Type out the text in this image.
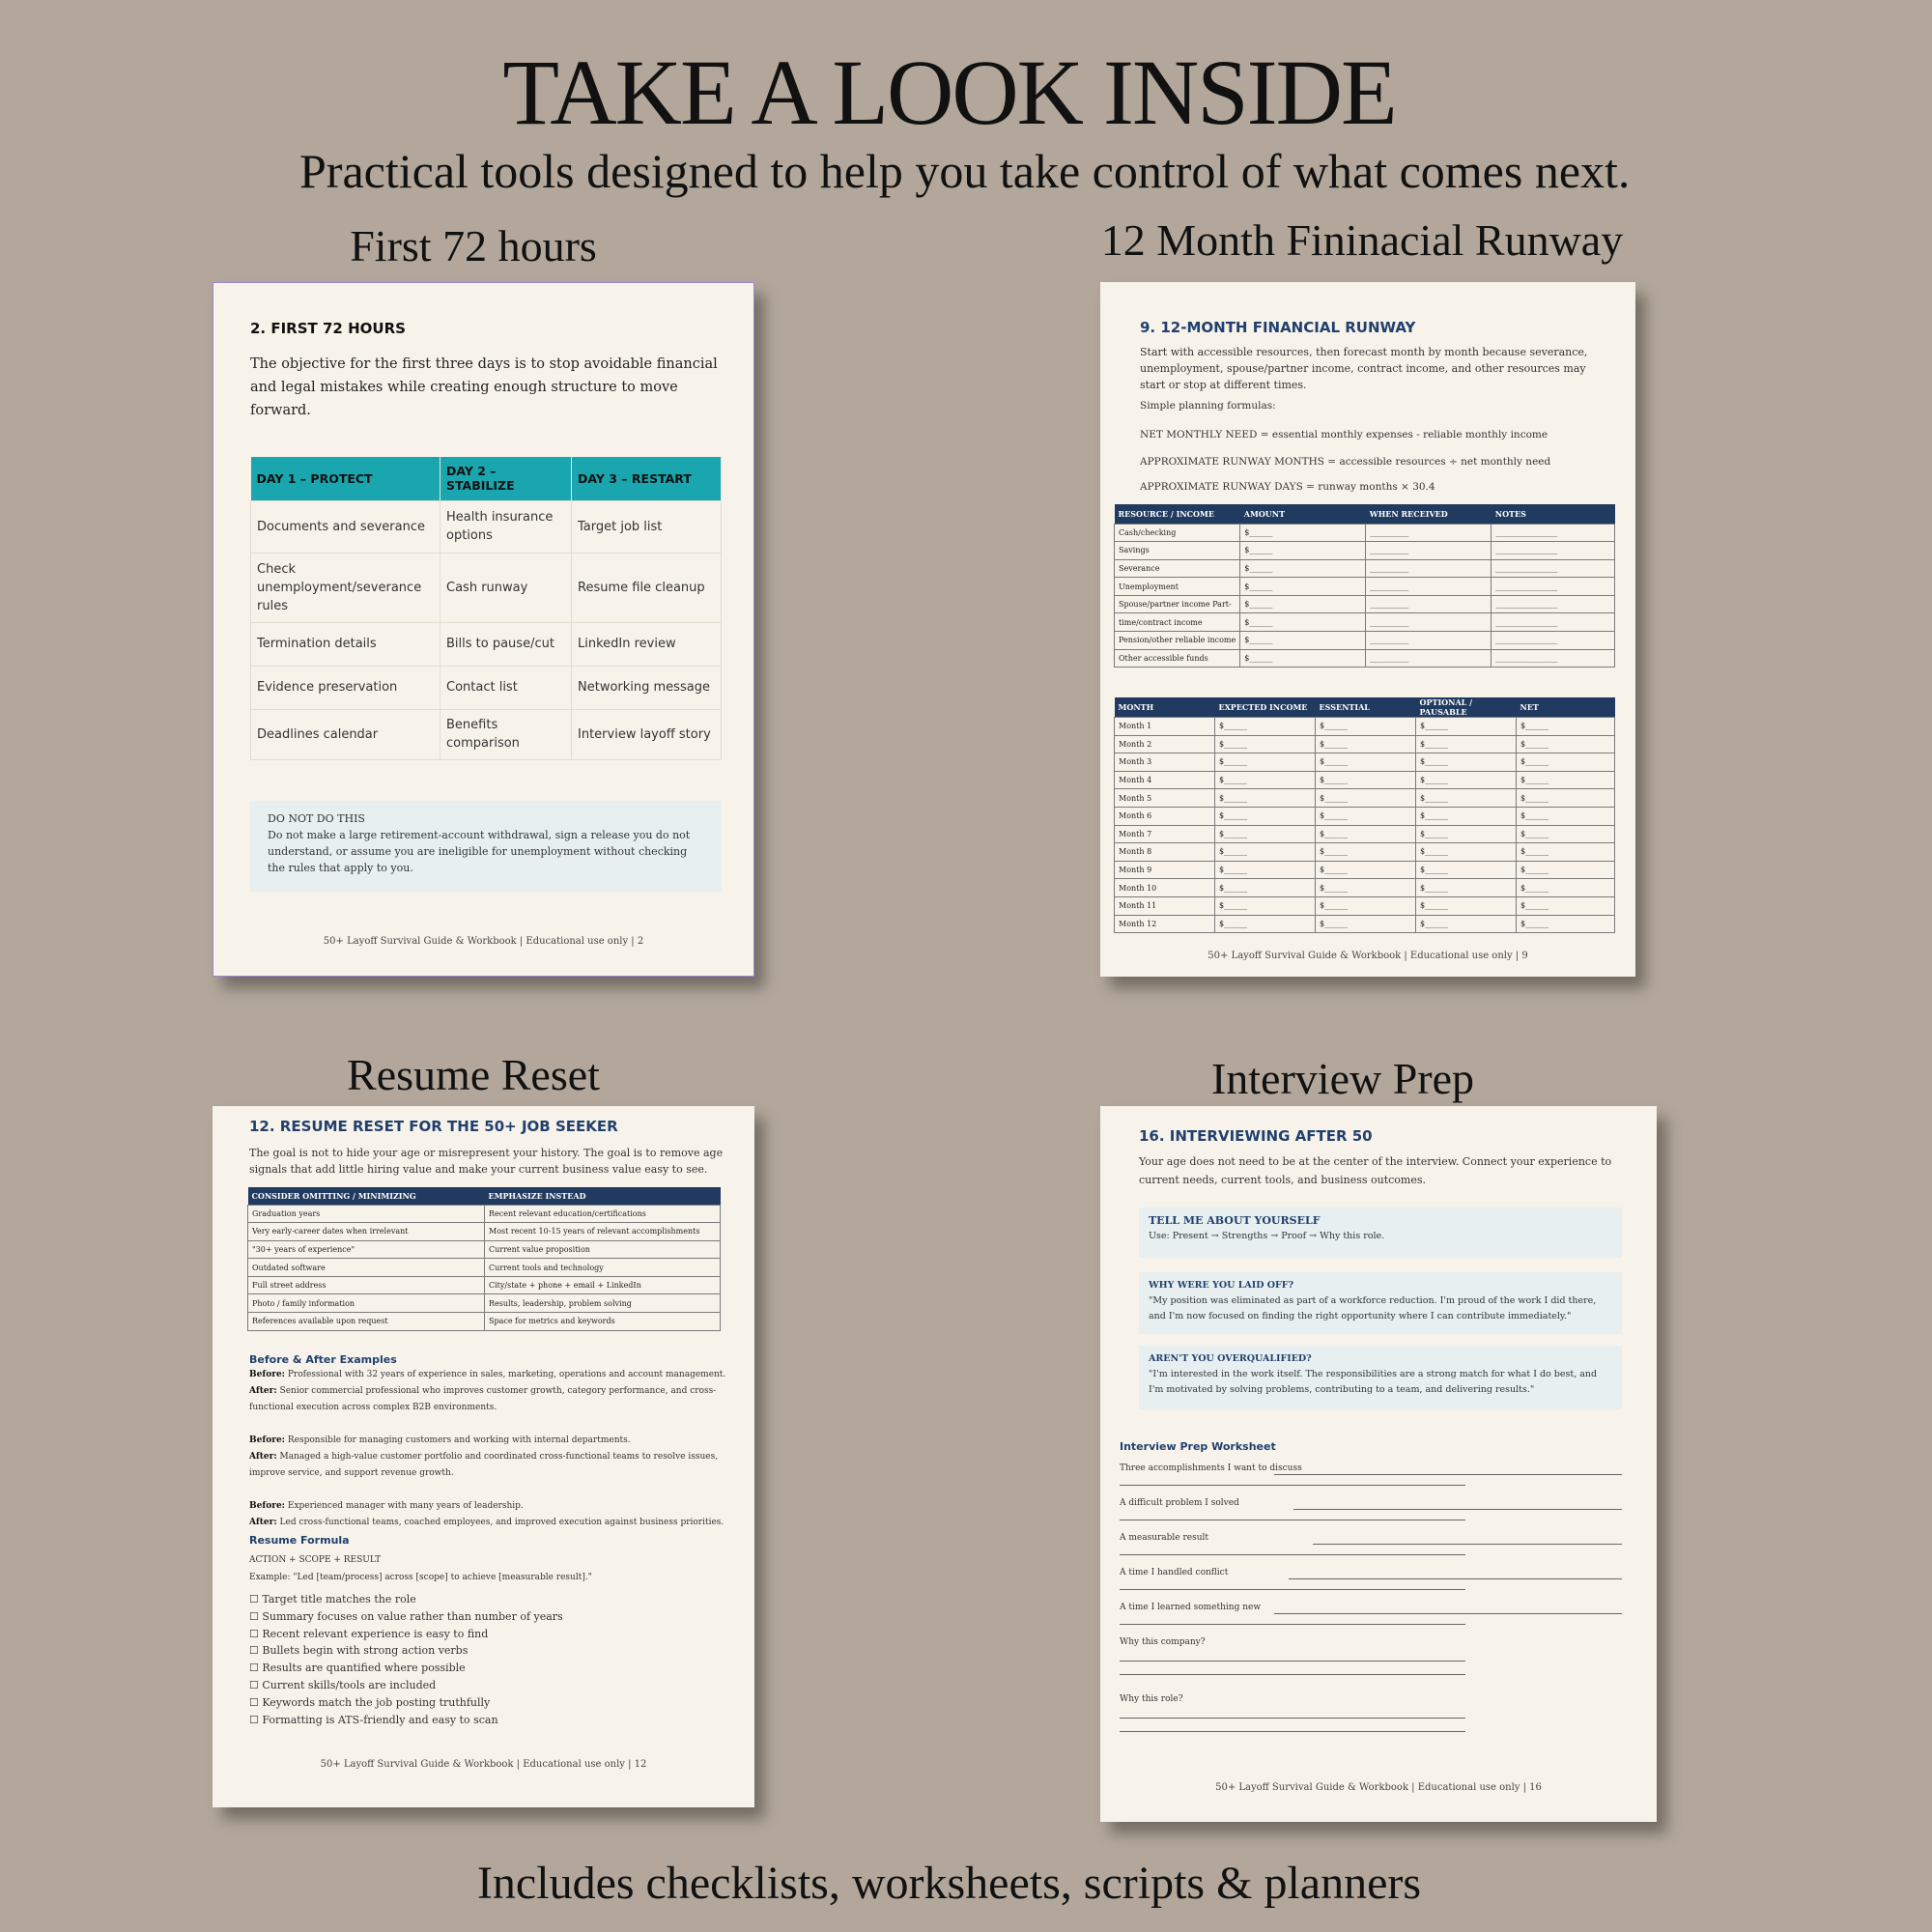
TAKE A LOOK INSIDE
Practical tools designed to help you take control of what comes next.
First 72 hours	12 Month Fininacial Runway
Resume Reset	Interview Prep
2. FIRST 72 HOURS
The objective for the first three days is to stop avoidable financial and legal mistakes while creating enough structure to move forward.
DAY 1 – PROTECT	DAY 2 – STABILIZE	DAY 3 – RESTART
Documents and severance	Health insurance options	Target job list
Check unemployment/severance rules	Cash runway	Resume file cleanup
Termination details	Bills to pause/cut	LinkedIn review
Evidence preservation	Contact list	Networking message
Deadlines calendar	Benefits comparison	Interview layoff story
DO NOT DO THIS
Do not make a large retirement-account withdrawal, sign a release you do not understand, or assume you are ineligible for unemployment without checking the rules that apply to you.
50+ Layoff Survival Guide & Workbook | Educational use only | 2
9. 12-MONTH FINANCIAL RUNWAY
Start with accessible resources, then forecast month by month because severance, unemployment, spouse/partner income, contract income, and other resources may start or stop at different times.
Simple planning formulas:
NET MONTHLY NEED = essential monthly expenses - reliable monthly income
APPROXIMATE RUNWAY MONTHS = accessible resources ÷ net monthly need
APPROXIMATE RUNWAY DAYS = runway months × 30.4
RESOURCE / INCOME	AMOUNT	WHEN RECEIVED	NOTES
Cash/checking	$______	__________	________________
Savings	$______	__________	________________
Severance	$______	__________	________________
Unemployment	$______	__________	________________
Spouse/partner income Part-	$______	__________	________________
time/contract income	$______	__________	________________
Pension/other reliable income	$______	__________	________________
Other accessible funds	$______	__________	________________
MONTH	EXPECTED INCOME	ESSENTIAL	OPTIONAL / PAUSABLE	NET
Month 1	$______	$______	$______	$______
Month 2	$______	$______	$______	$______
Month 3	$______	$______	$______	$______
Month 4	$______	$______	$______	$______
Month 5	$______	$______	$______	$______
Month 6	$______	$______	$______	$______
Month 7	$______	$______	$______	$______
Month 8	$______	$______	$______	$______
Month 9	$______	$______	$______	$______
Month 10	$______	$______	$______	$______
Month 11	$______	$______	$______	$______
Month 12	$______	$______	$______	$______
50+ Layoff Survival Guide & Workbook | Educational use only | 9
12. RESUME RESET FOR THE 50+ JOB SEEKER
The goal is not to hide your age or misrepresent your history. The goal is to remove age signals that add little hiring value and make your current business value easy to see.
CONSIDER OMITTING / MINIMIZING	EMPHASIZE INSTEAD
Graduation years	Recent relevant education/certifications
Very early-career dates when irrelevant	Most recent 10-15 years of relevant accomplishments
"30+ years of experience"	Current value proposition
Outdated software	Current tools and technology
Full street address	City/state + phone + email + LinkedIn
Photo / family information	Results, leadership, problem solving
References available upon request	Space for metrics and keywords
Before & After Examples
Before: Professional with 32 years of experience in sales, marketing, operations and account management.
After: Senior commercial professional who improves customer growth, category performance, and cross-functional execution across complex B2B environments.
Before: Responsible for managing customers and working with internal departments.
After: Managed a high-value customer portfolio and coordinated cross-functional teams to resolve issues, improve service, and support revenue growth.
Before: Experienced manager with many years of leadership.
After: Led cross-functional teams, coached employees, and improved execution against business priorities.
Resume Formula
ACTION + SCOPE + RESULT
Example: "Led [team/process] across [scope] to achieve [measurable result]."
☐ Target title matches the role
☐ Summary focuses on value rather than number of years
☐ Recent relevant experience is easy to find
☐ Bullets begin with strong action verbs
☐ Results are quantified where possible
☐ Current skills/tools are included
☐ Keywords match the job posting truthfully
☐ Formatting is ATS-friendly and easy to scan
50+ Layoff Survival Guide & Workbook | Educational use only | 12
16. INTERVIEWING AFTER 50
Your age does not need to be at the center of the interview. Connect your experience to current needs, current tools, and business outcomes.
TELL ME ABOUT YOURSELF
Use: Present → Strengths → Proof → Why this role.
WHY WERE YOU LAID OFF?
"My position was eliminated as part of a workforce reduction. I'm proud of the work I did there, and I'm now focused on finding the right opportunity where I can contribute immediately."
AREN'T YOU OVERQUALIFIED?
"I'm interested in the work itself. The responsibilities are a strong match for what I do best, and I'm motivated by solving problems, contributing to a team, and delivering results."
Interview Prep Worksheet
50+ Layoff Survival Guide & Workbook | Educational use only | 16
Three accomplishments I want to discuss
A difficult problem I solved
A measurable result
A time I handled conflict
A time I learned something new
Why this company?
Why this role?
Includes checklists, worksheets, scripts & planners
